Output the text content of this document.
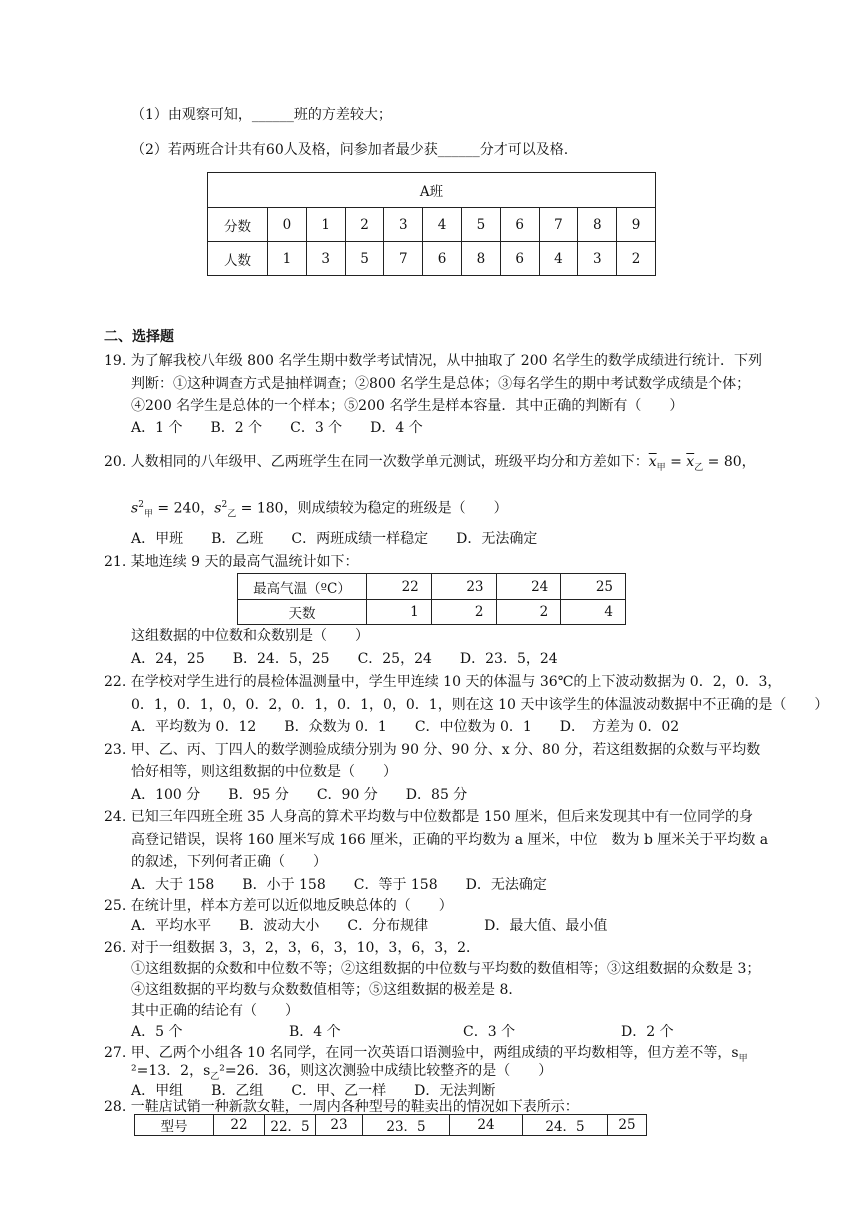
（1）由观察可知，______班的方差较大；
（2）若两班合计共有60人及格，问参加者最少获______分才可以及格.
A班										
分数	0	1	2	3	4	5	6	7	8	9
人数	1	3	5	7	6	8	6	4	3	2
二、选择题
19. 为了解我校八年级 800 名学生期中数学考试情况，从中抽取了 200 名学生的数学成绩进行统计．下列
判断：①这种调查方式是抽样调查；②800 名学生是总体；③每名学生的期中考试数学成绩是个体；
④200 名学生是总体的一个样本；⑤200 名学生是样本容量．其中正确的判断有（　　）
A．1 个　　B．2 个　　C．3 个　　D．4 个
20. 人数相同的八年级甲、乙两班学生在同一次数学单元测试，班级平均分和方差如下：$\overline{x}_甲 = \overline{x}_乙 = 80$，
$s^2_甲 = 240$，$s^2_乙 = 180$，则成绩较为稳定的班级是（　　）
A．甲班　　B．乙班　　C．两班成绩一样稳定　　D．无法确定
21. 某地连续 9 天的最高气温统计如下：
最高气温（ºC）	22	23	24	25
天数	1	2	2	4
这组数据的中位数和众数别是（　　）
A．24，25　　B．24．5，25　　C．25，24　　D．23．5，24
22. 在学校对学生进行的晨检体温测量中，学生甲连续 10 天的体温与 36℃的上下波动数据为 0．2，0．3，
0．1，0．1，0，0．2，0．1，0．1，0，0．1，则在这 10 天中该学生的体温波动数据中不正确的是（　　）
A．平均数为 0．12　　B．众数为 0．1　　C．中位数为 0．1　　D．　方差为 0．02
23. 甲、乙、丙、丁四人的数学测验成绩分别为 90 分、90 分、x 分、80 分，若这组数据的众数与平均数
恰好相等，则这组数据的中位数是（　　）
A．100 分　　B．95 分　　C．90 分　　D．85 分
24. 已知三年四班全班 35 人身高的算术平均数与中位数都是 150 厘米，但后来发现其中有一位同学的身
高登记错误，误将 160 厘米写成 166 厘米，正确的平均数为 a 厘米，中位　数为 b 厘米关于平均数 a
的叙述，下列何者正确（　　）
A．大于 158　　B．小于 158　　C．等于 158　　D．无法确定
25. 在统计里，样本方差可以近似地反映总体的（　　）
A．平均水平　　B．波动大小　　C．分布规律　　　　D．最大值、最小值
26. 对于一组数据 3，3，2，3，6，3，10，3，6，3，2．
①这组数据的众数和中位数不等；②这组数据的中位数与平均数的数值相等；③这组数据的众数是 3；
④这组数据的平均数与众数数值相等；⑤这组数据的极差是 8．
其中正确的结论有（　　）
A．5 个	B．4 个	C．3 个	D．2 个
27. 甲、乙两个小组各 10 名同学，在同一次英语口语测验中，两组成绩的平均数相等，但方差不等，$s_甲$
²=13．2，$s_乙^2=26$．36，则这次测验中成绩比较整齐的是（　　）
A．甲组　　B．乙组　　C．甲、乙一样　　D．无法判断
28. 一鞋店试销一种新款女鞋，一周内各种型号的鞋卖出的情况如下表所示：
型号	22	22．5	23	23．5	24	24．5	25
